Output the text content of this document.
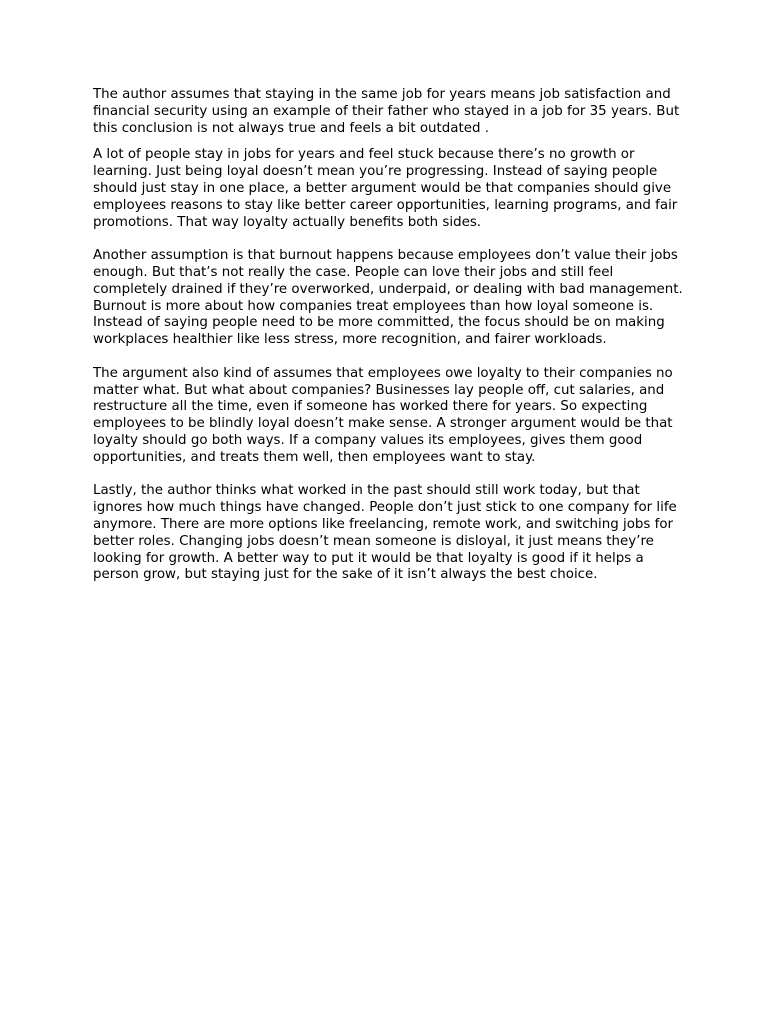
The author assumes that staying in the same job for years means job satisfaction and financial security using an example of their father who stayed in a job for 35 years. But this conclusion is not always true and feels a bit outdated .

A lot of people stay in jobs for years and feel stuck because there’s no growth or learning. Just being loyal doesn’t mean you’re progressing. Instead of saying people should just stay in one place, a better argument would be that companies should give employees reasons to stay like better career opportunities, learning programs, and fair promotions. That way loyalty actually benefits both sides.

Another assumption is that burnout happens because employees don’t value their jobs enough. But that’s not really the case. People can love their jobs and still feel completely drained if they’re overworked, underpaid, or dealing with bad management. Burnout is more about how companies treat employees than how loyal someone is. Instead of saying people need to be more committed, the focus should be on making workplaces healthier like less stress, more recognition, and fairer workloads.

The argument also kind of assumes that employees owe loyalty to their companies no matter what. But what about companies? Businesses lay people off, cut salaries, and restructure all the time, even if someone has worked there for years. So expecting employees to be blindly loyal doesn’t make sense. A stronger argument would be that loyalty should go both ways. If a company values its employees, gives them good opportunities, and treats them well, then employees want to stay.

Lastly, the author thinks what worked in the past should still work today, but that ignores how much things have changed. People don’t just stick to one company for life anymore. There are more options like freelancing, remote work, and switching jobs for better roles. Changing jobs doesn’t mean someone is disloyal, it just means they’re looking for growth. A better way to put it would be that loyalty is good if it helps a person grow, but staying just for the sake of it isn’t always the best choice.
